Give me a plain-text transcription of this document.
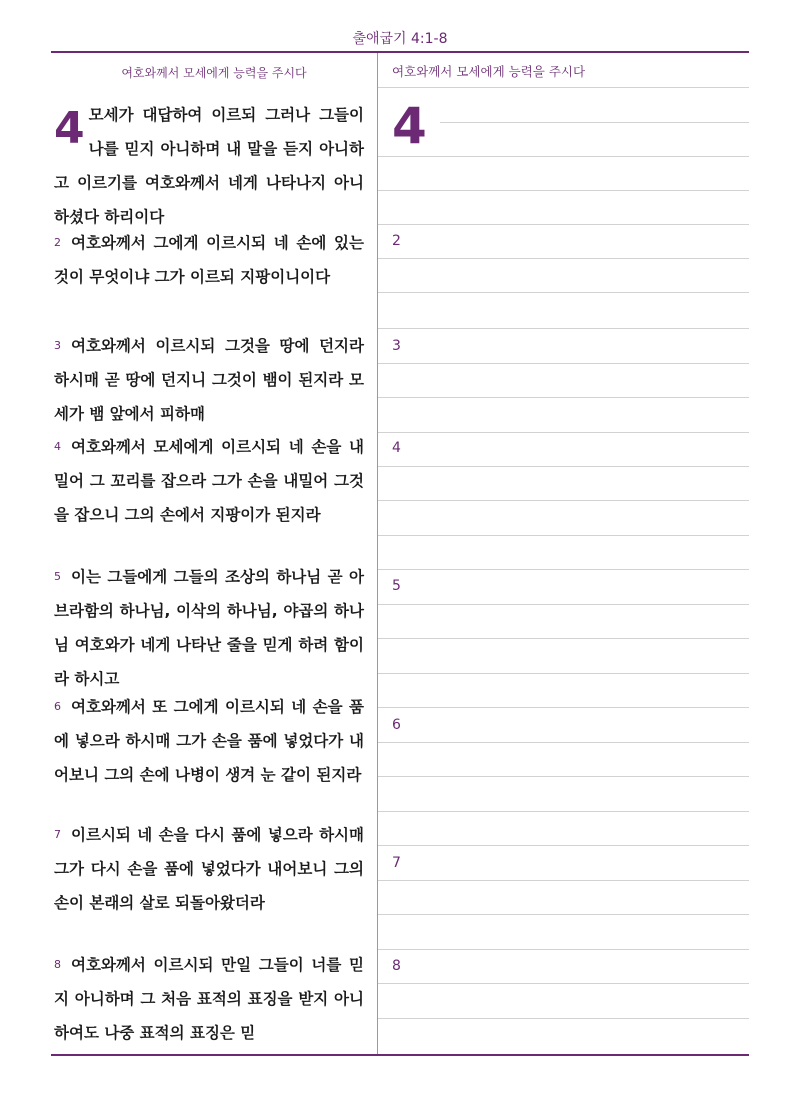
출애굽기 4:1-8
여호와께서 모세에게 능력을 주시다	여호와께서 모세에게 능력을 주시다
4 모세가 대답하여 이르되 그러나 그들이 나를 믿지 아니하며 내 말을 듣지 아니하고 이르기를 여호와께서 네게 나타나지 아니하셨다 하리이다
2 여호와께서 그에게 이르시되 네 손에 있는 것이 무엇이냐 그가 이르되 지팡이니이다
3 여호와께서 이르시되 그것을 땅에 던지라 하시매 곧 땅에 던지니 그것이 뱀이 된지라 모세가 뱀 앞에서 피하매
4 여호와께서 모세에게 이르시되 네 손을 내밀어 그 꼬리를 잡으라 그가 손을 내밀어 그것을 잡으니 그의 손에서 지팡이가 된지라
5 이는 그들에게 그들의 조상의 하나님 곧 아브라함의 하나님, 이삭의 하나님, 야곱의 하나님 여호와가 네게 나타난 줄을 믿게 하려 함이라 하시고
6 여호와께서 또 그에게 이르시되 네 손을 품에 넣으라 하시매 그가 손을 품에 넣었다가 내어보니 그의 손에 나병이 생겨 눈 같이 된지라
7 이르시되 네 손을 다시 품에 넣으라 하시매 그가 다시 손을 품에 넣었다가 내어보니 그의 손이 본래의 살로 되돌아왔더라
8 여호와께서 이르시되 만일 그들이 너를 믿지 아니하며 그 처음 표적의 표징을 받지 아니하여도 나중 표적의 표징은 믿
4
2
3
4
5
6
7
8
